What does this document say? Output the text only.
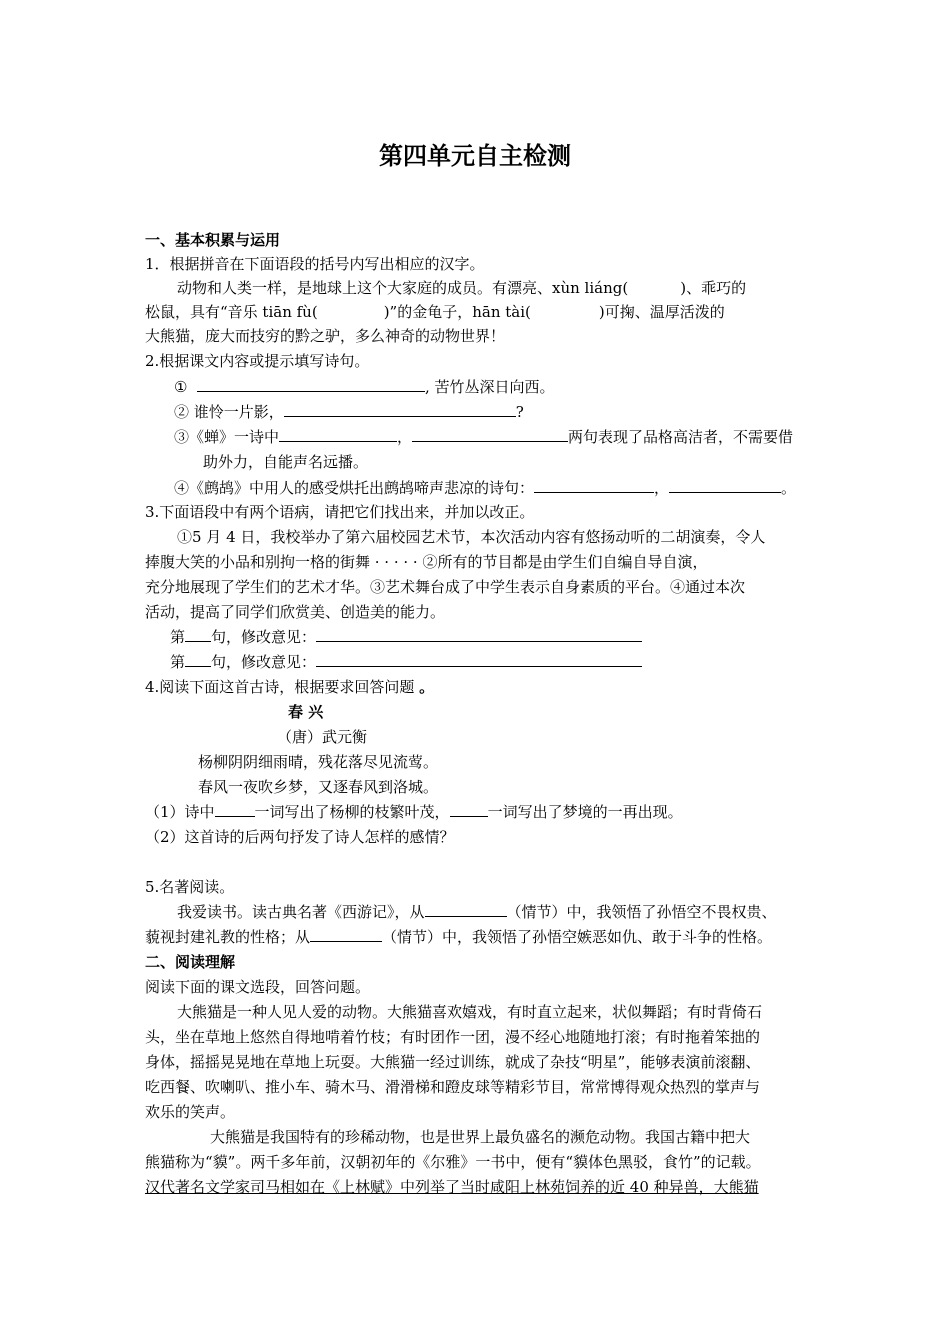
第四单元自主检测
一、基本积累与运用
1．根据拼音在下面语段的括号内写出相应的汉字。
动物和人类一样，是地球上这个大家庭的成员。有漂亮、xùn liáng(	)、乖巧的
松鼠，具有“音乐 tiān fù(	)”的金龟子，hān tài(	)可掬、温厚活泼的
大熊猫，庞大而技穷的黔之驴，多么神奇的动物世界！
2.根据课文内容或提示填写诗句。
①	, 苦竹丛深日向西。
② 谁怜一片影，	?
③《蝉》一诗中	，	两句表现了品格高洁者，不需要借
助外力，自能声名远播。
④《鹧鸪》中用人的感受烘托出鹧鸪啼声悲凉的诗句：	，	。
3.下面语段中有两个语病，请把它们找出来，并加以改正。
①5 月 4 日，我校举办了第六届校园艺术节，本次活动内容有悠扬动听的二胡演奏，令人
捧腹大笑的小品和别拘一格的街舞 · · · · · ②所有的节目都是由学生们自编自导自演，
充分地展现了学生们的艺术才华。③艺术舞台成了中学生表示自身素质的平台。④通过本次
活动，提高了同学们欣赏美、创造美的能力。
第 句，修改意见：
第 句，修改意见：
4.阅读下面这首古诗，根据要求回答问题 。
春 兴
（唐）武元衡
杨柳阴阴细雨晴，残花落尽见流莺。
春风一夜吹乡梦，又逐春风到洛城。
（1）诗中	一词写出了杨柳的枝繁叶茂，	一词写出了梦境的一再出现。
（2）这首诗的后两句抒发了诗人怎样的感情？
5.名著阅读。
我爱读书。读古典名著《西游记》，从	（情节）中，我领悟了孙悟空不畏权贵、
藐视封建礼教的性格；从	（情节）中，我领悟了孙悟空嫉恶如仇、敢于斗争的性格。
二、阅读理解
阅读下面的课文选段，回答问题。
大熊猫是一种人见人爱的动物。大熊猫喜欢嬉戏，有时直立起来，状似舞蹈；有时背倚石
头，坐在草地上悠然自得地啃着竹枝；有时团作一团，漫不经心地随地打滚；有时拖着笨拙的
身体，摇摇晃晃地在草地上玩耍。大熊猫一经过训练，就成了杂技“明星”，能够表演前滚翻、
吃西餐、吹喇叭、推小车、骑木马、滑滑梯和蹬皮球等精彩节目，常常博得观众热烈的掌声与
欢乐的笑声。
大熊猫是我国特有的珍稀动物，也是世界上最负盛名的濒危动物。我国古籍中把大
熊猫称为“貘”。两千多年前，汉朝初年的《尔雅》一书中，便有“貘体色黑驳，食竹”的记载。
汉代著名文学家司马相如在《上林赋》中列举了当时咸阳上林苑饲养的近 40 种异兽，大熊猫
